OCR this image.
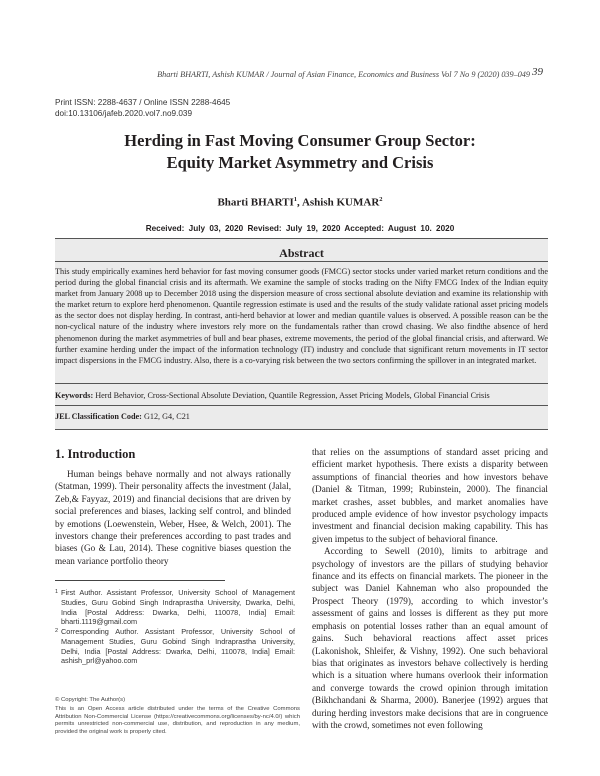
Bharti BHARTI, Ashish KUMAR / Journal of Asian Finance, Economics and Business Vol 7 No 9 (2020) 039–049 39
Print ISSN: 2288-4637 / Online ISSN 2288-4645
doi:10.13106/jafeb.2020.vol7.no9.039
Herding in Fast Moving Consumer Group Sector:
Equity Market Asymmetry and Crisis
Bharti BHARTI$^1$, Ashish KUMAR$^2$
Received: July 03, 2020 Revised: July 19, 2020 Accepted: August 10. 2020
Abstract
This study empirically examines herd behavior for fast moving consumer goods (FMCG) sector stocks under varied market return conditions and the period during the global financial crisis and its aftermath. We examine the sample of stocks trading on the Nifty FMCG Index of the Indian equity market from January 2008 up to December 2018 using the dispersion measure of cross sectional absolute deviation and examine its relationship with the market return to explore herd phenomenon. Quantile regression estimate is used and the results of the study validate rational asset pricing models as the sector does not display herding. In contrast, anti-herd behavior at lower and median quantile values is observed. A possible reason can be the non-cyclical nature of the industry where investors rely more on the fundamentals rather than crowd chasing. We also findthe absence of herd phenomenon during the market asymmetries of bull and bear phases, extreme movements, the period of the global financial crisis, and afterward. We further examine herding under the impact of the information technology (IT) industry and conclude that significant return movements in IT sector impact dispersions in the FMCG industry. Also, there is a co-varying risk between the two sectors confirming the spillover in an integrated market.
Keywords: Herd Behavior, Cross-Sectional Absolute Deviation, Quantile Regression, Asset Pricing Models, Global Financial Crisis
JEL Classification Code: G12, G4, C21
1. Introduction

Human beings behave normally and not always rationally (Statman, 1999). Their personality affects the investment (Jalal, Zeb,& Fayyaz, 2019) and financial decisions that are driven by social preferences and biases, lacking self control, and blinded by emotions (Loewenstein, Weber, Hsee, & Welch, 2001). The investors change their preferences according to past trades and biases (Go & Lau, 2014). These cognitive biases question the mean variance portfolio theory

that relies on the assumptions of standard asset pricing and efficient market hypothesis. There exists a disparity between assumptions of financial theories and how investors behave (Daniel & Titman, 1999; Rubinstein, 2000). The financial market crashes, asset bubbles, and market anomalies have produced ample evidence of how investor psychology impacts investment and financial decision making capability. This has given impetus to the subject of behavioral finance.

According to Sewell (2010), limits to arbitrage and psychology of investors are the pillars of studying behavior finance and its effects on financial markets. The pioneer in the subject was Daniel Kahneman who also propounded the Prospect Theory (1979), according to which investor’s assessment of gains and losses is different as they put more emphasis on potential losses rather than an equal amount of gains. Such behavioral reactions affect asset prices (Lakonishok, Shleifer, & Vishny, 1992). One such behavioral bias that originates as investors behave collectively is herding which is a situation where humans overlook their information and converge towards the crowd opinion through imitation (Bikhchandani & Sharma, 2000). Banerjee (1992) argues that during herding investors make decisions that are in congruence with the crowd, sometimes not even following

1 First Author. Assistant Professor, University School of Management Studies, Guru Gobind Singh Indraprastha University, Dwarka, Delhi, India [Postal Address: Dwarka, Delhi, 110078, India] Email: bharti.1119@gmail.com
2 Corresponding Author. Assistant Professor, University School of Management Studies, Guru Gobind Singh Indraprastha University, Delhi, India [Postal Address: Dwarka, Delhi, 110078, India] Email: ashish_prl@yahoo.com

© Copyright: The Author(s)

This is an Open Access article distributed under the terms of the Creative Commons Attribution Non-Commercial License (https://creativecommons.org/licenses/by-nc/4.0/) which permits unrestricted non-commercial use, distribution, and reproduction in any medium, provided the original work is properly cited.
